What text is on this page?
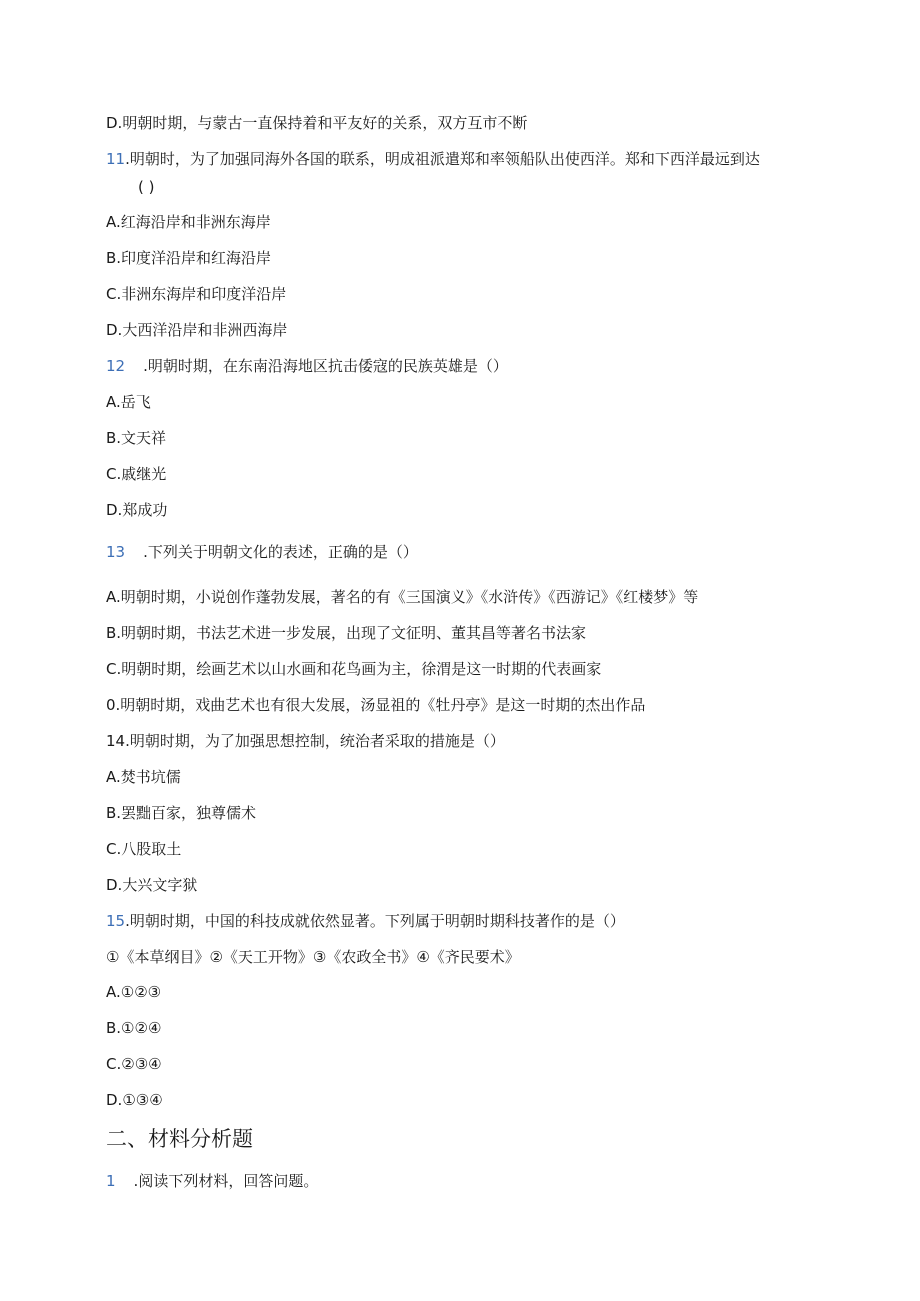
D.明朝时期，与蒙古一直保持着和平友好的关系，双方互市不断
11.明朝时，为了加强同海外各国的联系，明成祖派遣郑和率领船队出使西洋。郑和下西洋最远到达
( )
A.红海沿岸和非洲东海岸
B.印度洋沿岸和红海沿岸
C.非洲东海岸和印度洋沿岸
D.大西洋沿岸和非洲西海岸
12 .明朝时期，在东南沿海地区抗击倭寇的民族英雄是（）
A.岳飞
B.文天祥
C.戚继光
D.郑成功
13 .下列关于明朝文化的表述，正确的是（）
A.明朝时期，小说创作蓬勃发展，著名的有《三国演义》《水浒传》《西游记》《红楼梦》等
B.明朝时期，书法艺术进一步发展，出现了文征明、董其昌等著名书法家
C.明朝时期，绘画艺术以山水画和花鸟画为主，徐渭是这一时期的代表画家
0.明朝时期，戏曲艺术也有很大发展，汤显祖的《牡丹亭》是这一时期的杰出作品
14.明朝时期，为了加强思想控制，统治者采取的措施是（）
A.焚书坑儒
B.罢黜百家，独尊儒术
C.八股取土
D.大兴文字狱
15.明朝时期，中国的科技成就依然显著。下列属于明朝时期科技著作的是（）
①《本草纲目》②《天工开物》③《农政全书》④《齐民要术》
A.①②③
B.①②④
C.②③④
D.①③④
二、材料分析题
1 .阅读下列材料，回答问题。
